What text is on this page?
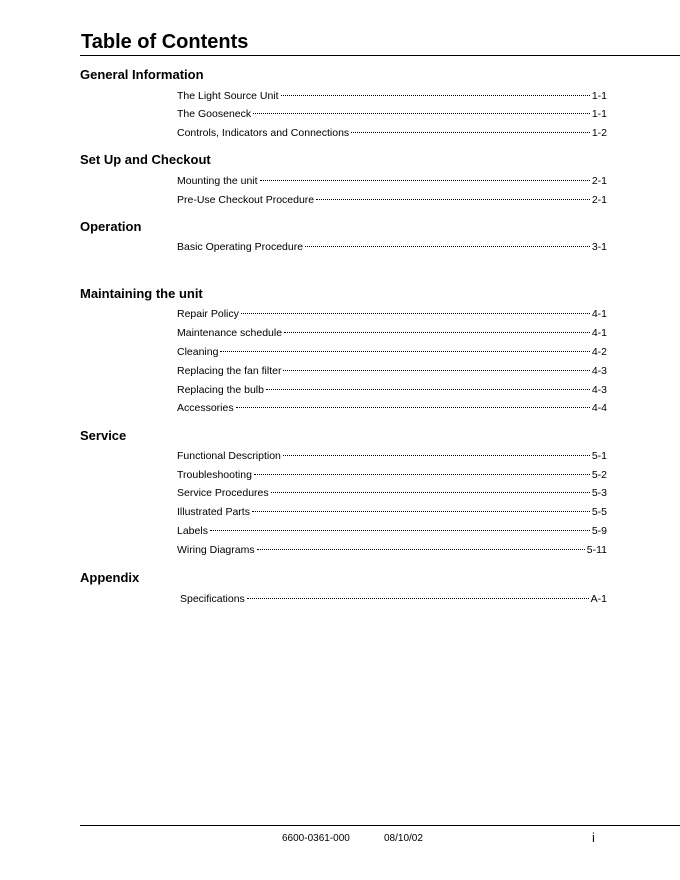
Table of Contents
General Information
The Light Source Unit	1-1
The Gooseneck	1-1
Controls, Indicators and Connections	1-2
Set Up and Checkout
Mounting the unit	2-1
Pre-Use Checkout Procedure	2-1
Operation
Basic Operating Procedure	3-1
Maintaining the unit
Repair Policy	4-1
Maintenance schedule	4-1
Cleaning	4-2
Replacing the fan filter	4-3
Replacing the bulb	4-3
Accessories	4-4
Service
Functional Description	5-1
Troubleshooting	5-2
Service Procedures	5-3
Illustrated Parts	5-5
Labels	5-9
Wiring Diagrams	5-11
Appendix
Specifications	A-1
6600-0361-000	08/10/02	i
